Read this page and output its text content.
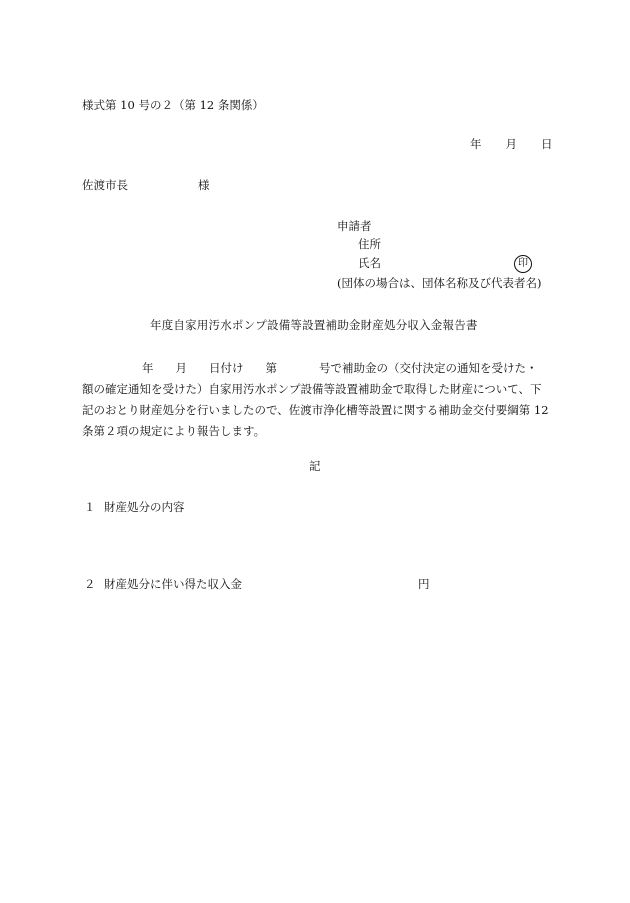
様式第 10 号の２（第 12 条関係）
年 月 日
佐渡市長	様
申請者
住所
氏名	印
(団体の場合は、団体名称及び代表者名)
年度自家用汚水ポンプ設備等設置補助金財産処分収入金報告書
年 月 日付け 第	号で補助金の（交付決定の通知を受けた・
額の確定通知を受けた）自家用汚水ポンプ設備等設置補助金で取得した財産について、下
記のおとり財産処分を行いましたので、佐渡市浄化槽等設置に関する補助金交付要綱第 12
条第２項の規定により報告します。
記
１ 財産処分の内容
２ 財産処分に伴い得た収入金	円
